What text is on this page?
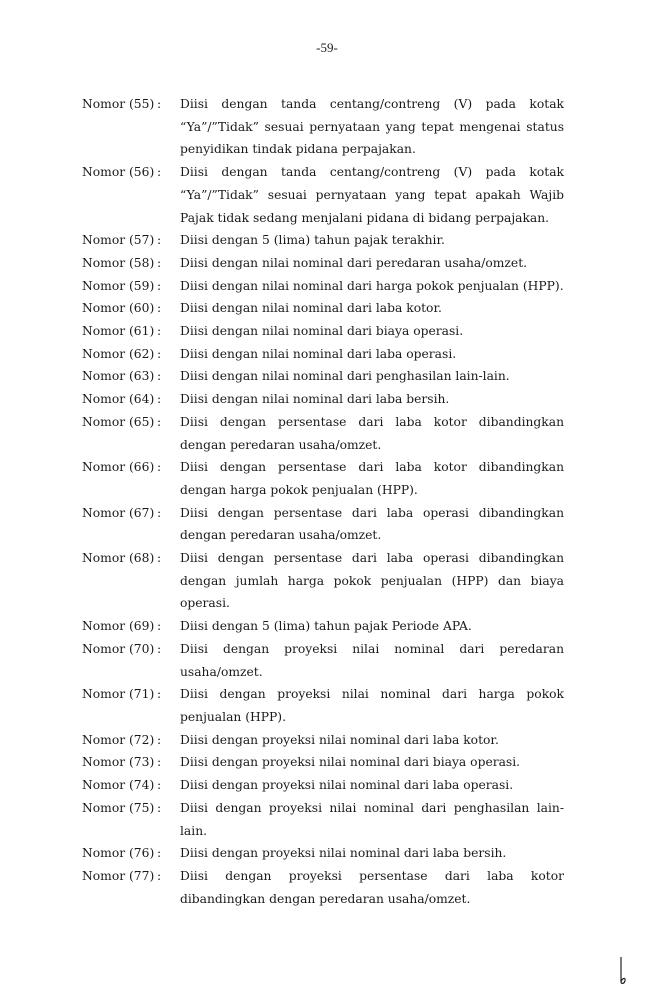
-59-
Nomor (55) :	Diisi dengan tanda centang/contreng (V) pada kotak “Ya”/”Tidak” sesuai pernyataan yang tepat mengenai status penyidikan tindak pidana perpajakan.
Nomor (56) :	Diisi dengan tanda centang/contreng (V) pada kotak “Ya”/”Tidak” sesuai pernyataan yang tepat apakah Wajib Pajak tidak sedang menjalani pidana di bidang perpajakan.
Nomor (57) :	Diisi dengan 5 (lima) tahun pajak terakhir.
Nomor (58) :	Diisi dengan nilai nominal dari peredaran usaha/omzet.
Nomor (59) :	Diisi dengan nilai nominal dari harga pokok penjualan (HPP).
Nomor (60) :	Diisi dengan nilai nominal dari laba kotor.
Nomor (61) :	Diisi dengan nilai nominal dari biaya operasi.
Nomor (62) :	Diisi dengan nilai nominal dari laba operasi.
Nomor (63) :	Diisi dengan nilai nominal dari penghasilan lain-lain.
Nomor (64) :	Diisi dengan nilai nominal dari laba bersih.
Nomor (65) :	Diisi dengan persentase dari laba kotor dibandingkan dengan peredaran usaha/omzet.
Nomor (66) :	Diisi dengan persentase dari laba kotor dibandingkan dengan harga pokok penjualan (HPP).
Nomor (67) :	Diisi dengan persentase dari laba operasi dibandingkan dengan peredaran usaha/omzet.
Nomor (68) :	Diisi dengan persentase dari laba operasi dibandingkan dengan jumlah harga pokok penjualan (HPP) dan biaya operasi.
Nomor (69) :	Diisi dengan 5 (lima) tahun pajak Periode APA.
Nomor (70) :	Diisi dengan proyeksi nilai nominal dari peredaran usaha/omzet.
Nomor (71) :	Diisi dengan proyeksi nilai nominal dari harga pokok penjualan (HPP).
Nomor (72) :	Diisi dengan proyeksi nilai nominal dari laba kotor.
Nomor (73) :	Diisi dengan proyeksi nilai nominal dari biaya operasi.
Nomor (74) :	Diisi dengan proyeksi nilai nominal dari laba operasi.
Nomor (75) :	Diisi dengan proyeksi nilai nominal dari penghasilan lain-lain.
Nomor (76) :	Diisi dengan proyeksi nilai nominal dari laba bersih.
Nomor (77) :	Diisi dengan proyeksi persentase dari laba kotor dibandingkan dengan peredaran usaha/omzet.
